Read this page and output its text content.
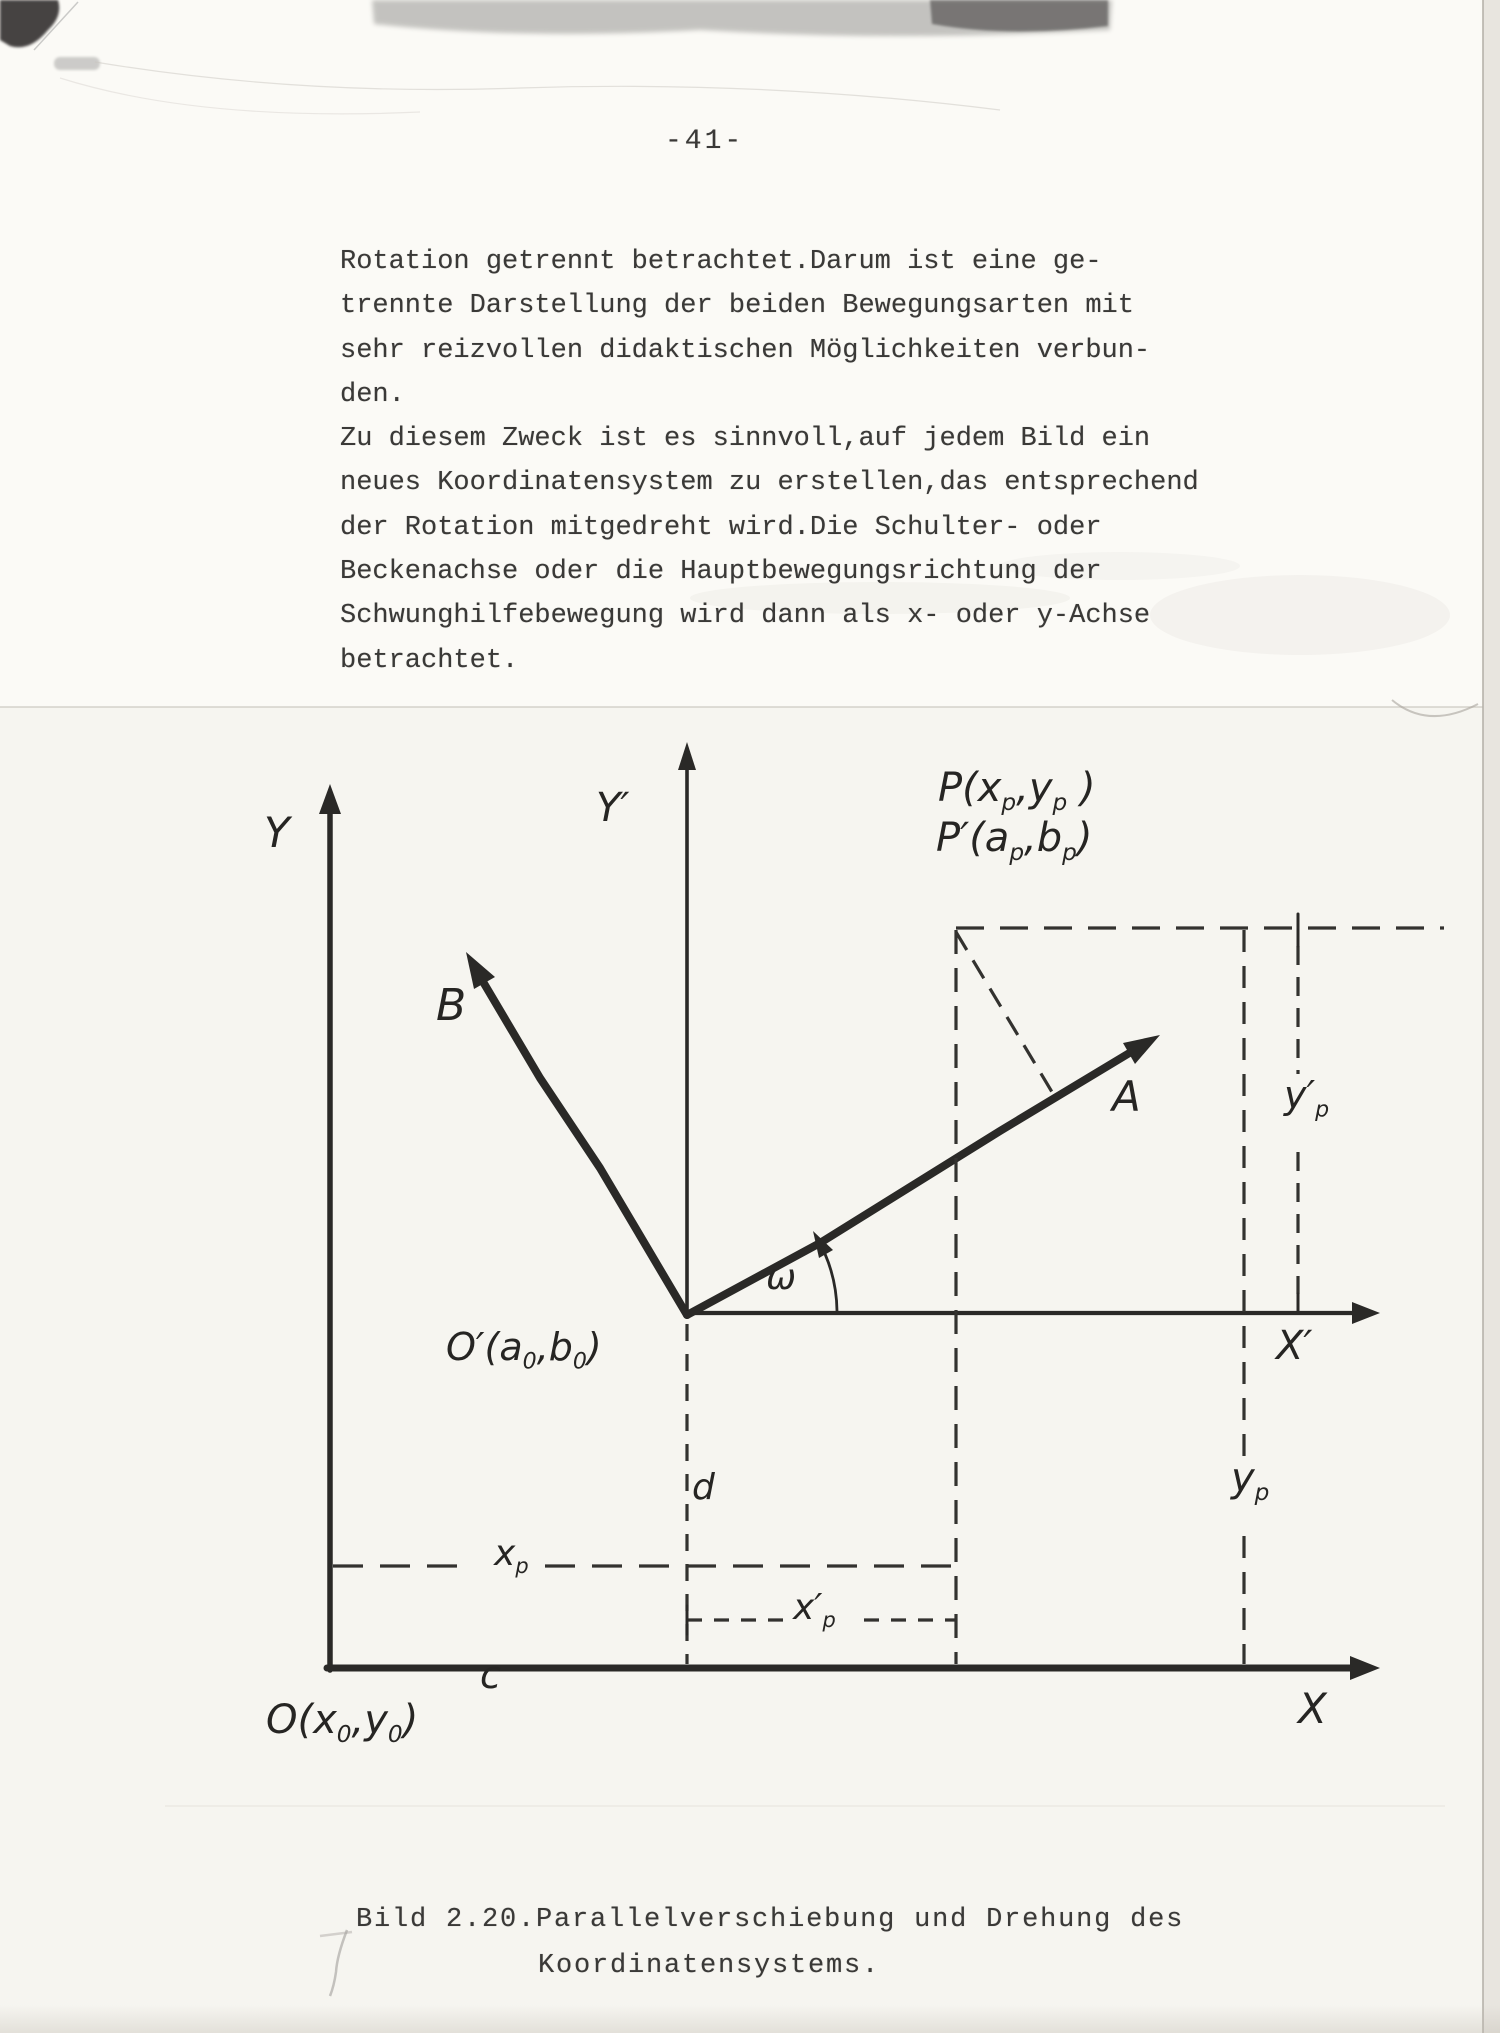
-41-
Rotation getrennt betrachtet.Darum ist eine ge-
trennte Darstellung der beiden Bewegungsarten mit
sehr reizvollen didaktischen Möglichkeiten verbun-
den.
Zu diesem Zweck ist es sinnvoll,auf jedem Bild ein
neues Koordinatensystem zu erstellen,das entsprechend
der Rotation mitgedreht wird.Die Schulter- oder
Beckenachse oder die Hauptbewegungsrichtung der
Schwunghilfebewegung wird dann als x- oder y-Achse
betrachtet.
Y	Y′
X
X′
$P(x_p,y_p$ )
$P'(a_p,b_p)$
$O'(a_0,b_0)$
$O(x_0,y_0)$
A
B
ω
d
c
$x_p$
$x'_p$
$y_p$
$y'_p$
Bild 2.20.Parallelverschiebung und Drehung des
Koordinatensystems.
